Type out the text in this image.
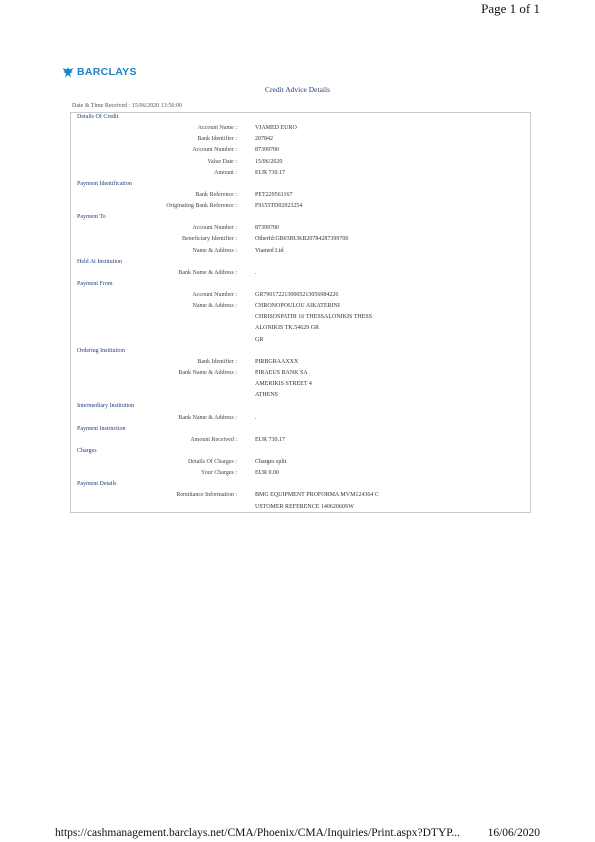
Page 1 of 1
BARCLAYS
Credit Advice Details
Date & Time Received : 15/06/2020 13:56:00
Details Of Credit
Account Name :	VIAMED EURO
Bank Identifier :	207842
Account Number :	87399700
Value Date :	15/06/2020
Amount :	EUR 730.17
Payment Identification
Bank Reference :	PET229561167
Originating Bank Reference :	F9155TD02923254
Payment To
Account Number :	87399700
Beneficiary Identifier :	OtherId:GB03BUKB20784287399700
Name & Address :	Viamed Ltd
Held At Institution
Bank Name & Address :	.
Payment From
Account Number :	GR7901722130005213056984226
Name & Address :	CHRONOPOULOU AIKATERINI
CHRISOSPATHI 16 THESSALONIKIS THESS
ALONIKIS TK.54629 GR
GR
Ordering Institution
Bank Identifier :	PIRBGRAAXXX
Bank Name & Address :	PIRAEUS BANK SA
AMERIKIS STREET 4
ATHENS
Intermediary Institution
Bank Name & Address :	.
Payment Instruction
Amount Received :	EUR 730.17
Charges
Details Of Charges :	Charges split
Your Charges :	EUR 0.00
Payment Details
Remittance Information :	BMG EQUIPMENT PROFORMA MVM124364 C
USTOMER REFERENCE 14062060SW
https://cashmanagement.barclays.net/CMA/Phoenix/CMA/Inquiries/Print.aspx?DTYP... 16/06/2020
